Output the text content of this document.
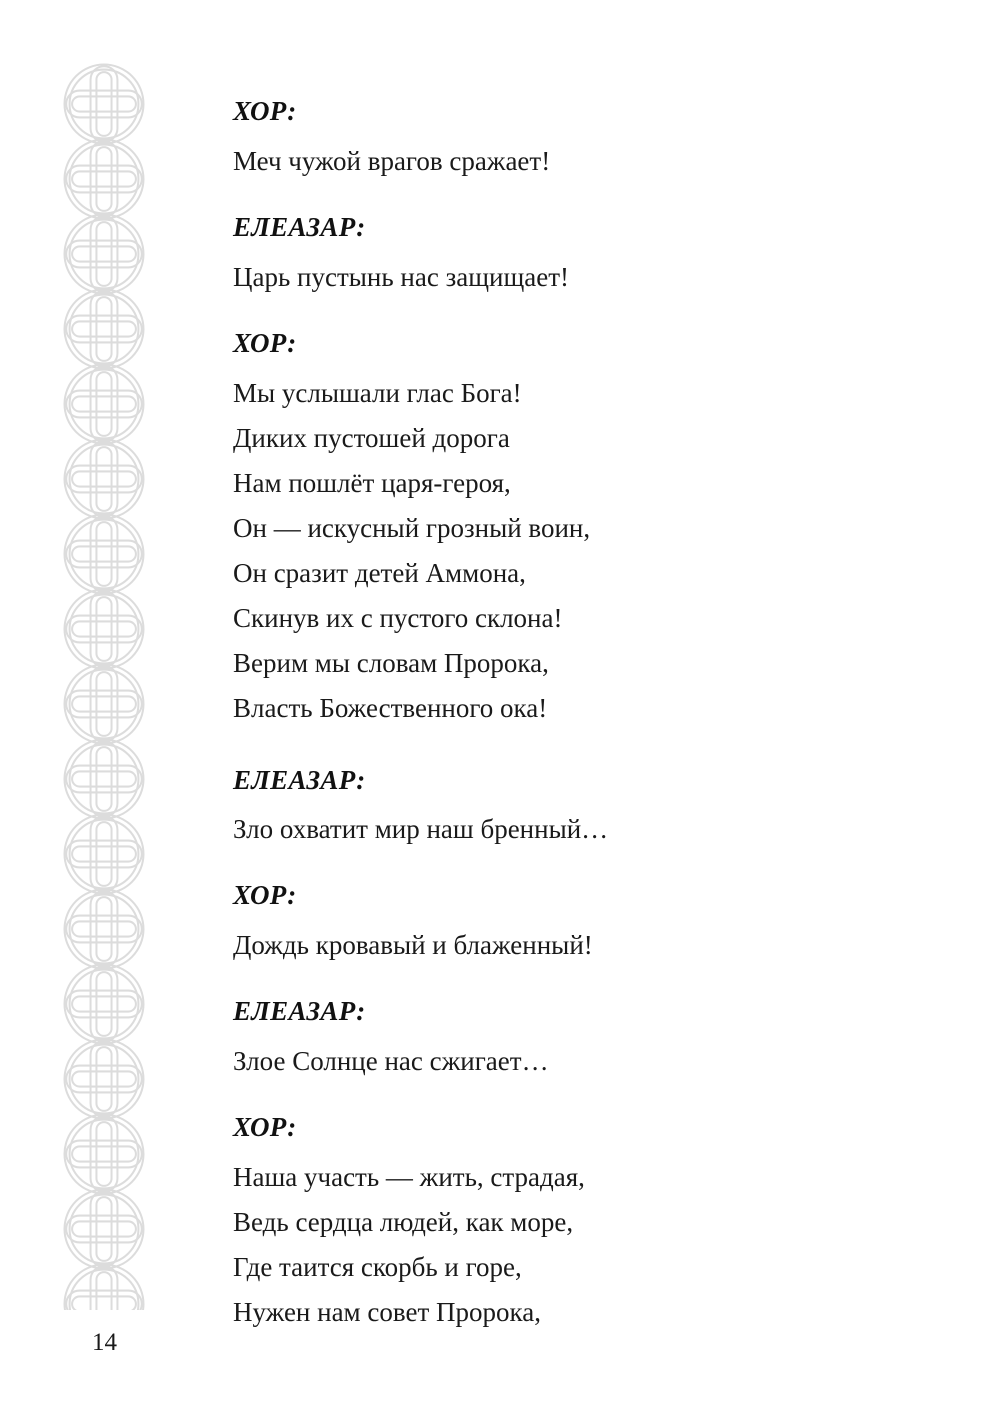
ХОР:
Меч чужой врагов сражает!
ЕЛЕАЗАР:
Царь пустынь нас защищает!
ХОР:
Мы услышали глас Бога!
Диких пустошей дорога
Нам пошлёт царя-героя,
Он — искусный грозный воин,
Он сразит детей Аммона,
Скинув их с пустого склона!
Верим мы словам Пророка,
Власть Божественного ока!
ЕЛЕАЗАР:
Зло охватит мир наш бренный…
ХОР:
Дождь кровавый и блаженный!
ЕЛЕАЗАР:
Злое Солнце нас сжигает…
ХОР:
Наша участь — жить, страдая,
Ведь сердца людей, как море,
Где таится скорбь и горе,
Нужен нам совет Пророка,
14
